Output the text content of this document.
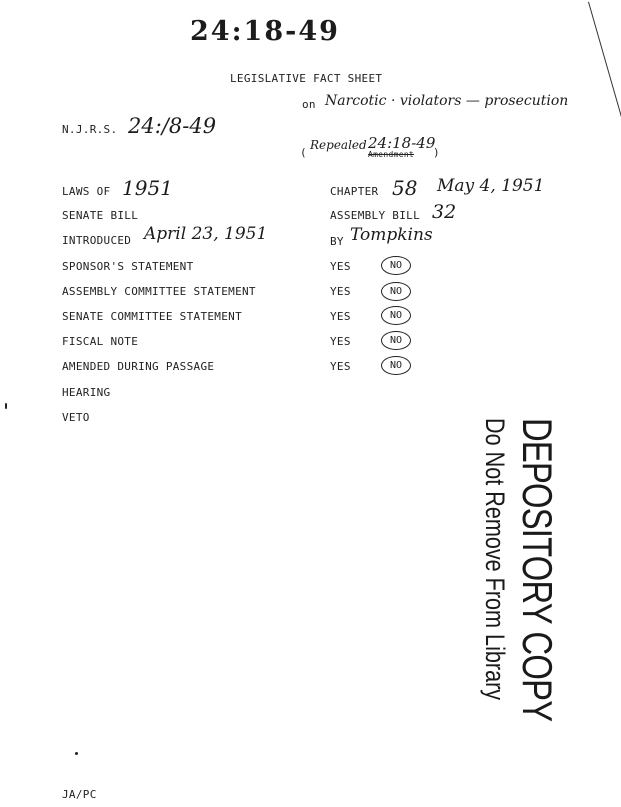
24:18-49
LEGISLATIVE FACT SHEET
on Narcotic · violators — prosecution
N.J.R.S. 24:/8-49
(
Repealed 24:18-49
Amendment )
LAWS OF 1951	CHAPTER 58 May 4, 1951
SENATE BILL	ASSEMBLY BILL 32
INTRODUCED April 23, 1951	BY Tompkins
SPONSOR'S STATEMENT	YES	NO
ASSEMBLY COMMITTEE STATEMENT	YES	NO
SENATE COMMITTEE STATEMENT	YES	NO
FISCAL NOTE	YES	NO
AMENDED DURING PASSAGE	YES	NO
HEARING
VETO
DEPOSITORY COPY
Do Not Remove From Library
JA/PC
